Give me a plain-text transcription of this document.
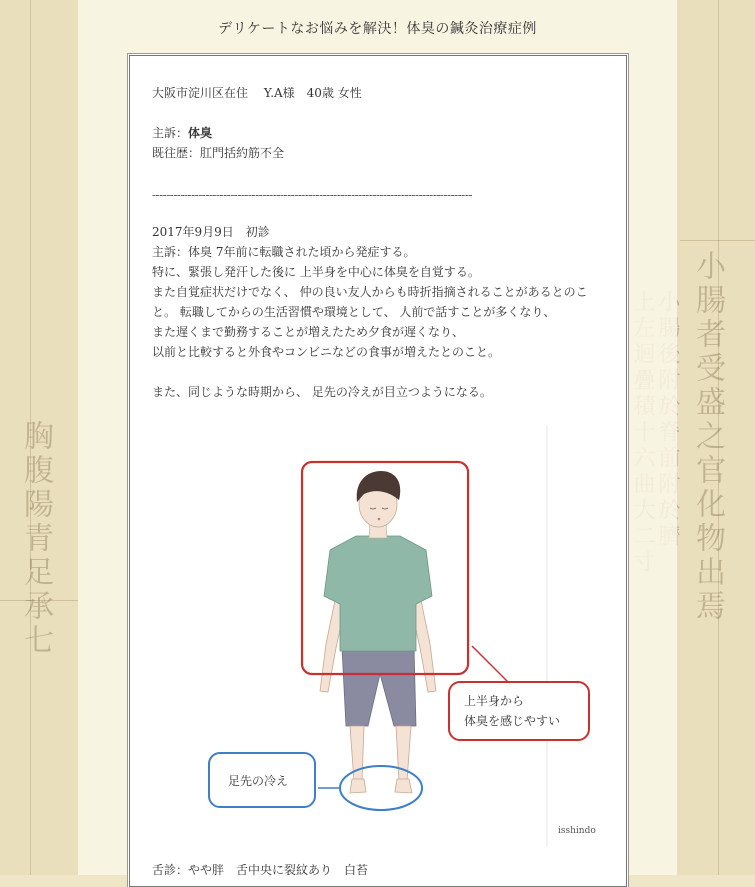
胸腹陽青足承七
小腸者受盛之官化物出焉
デリケートなお悩みを解決！体臭の鍼灸治療症例
大阪市淀川区在住　 Y.A様　40歳 女性
主訴：体臭
既往歴：肛門括約筋不全
------------------------------------------------------------------------------------------
2017年9月9日　初診
主訴：体臭 7年前に転職された頃から発症する。
特に、緊張し発汗した後に 上半身を中心に体臭を自覚する。
また自覚症状だけでなく、 仲の良い友人からも時折指摘されることがあるとのこ
と。 転職してからの生活習慣や環境として、 人前で話すことが多くなり、
また遅くまで勤務することが増えたため夕食が遅くなり、
以前と比較すると外食やコンビニなどの食事が増えたとのこと。
また、同じような時期から、 足先の冷えが目立つようになる。
舌診：やや胖　舌中央に裂紋あり　白苔
上半身から
体臭を感じやすい
足先の冷え
isshindo
